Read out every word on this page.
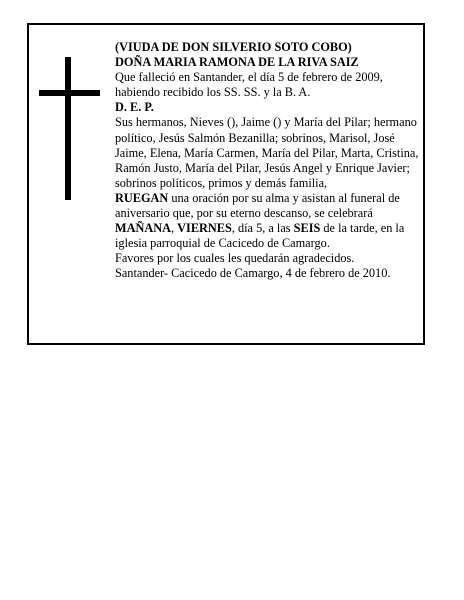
(VIUDA DE DON SILVERIO SOTO COBO)

DOÑA MARIA RAMONA DE LA RIVA SAIZ

Que falleció en Santander, el día 5 de febrero de 2009, habiendo recibido los SS. SS. y la B. A.

D. E. P.

Sus hermanos, Nieves (), Jaime () y María del Pilar; hermano político, Jesús Salmón Bezanilla; sobrinos, Marisol, José Jaime, Elena, María Carmen, María del Pilar, Marta, Cristina, Ramón Justo, María del Pilar, Jesús Angel y Enrique Javier; sobrinos políticos, primos y demás familia,

RUEGAN una oración por su alma y asistan al funeral de aniversario que, por su eterno descanso, se celebrará MAÑANA, VIERNES, día 5, a las SEIS de la tarde, en la iglesia parroquial de Cacicedo de Camargo.

Favores por los cuales les quedarán agradecidos.

Santander- Cacicedo de Camargo, 4 de febrero de 2010.
